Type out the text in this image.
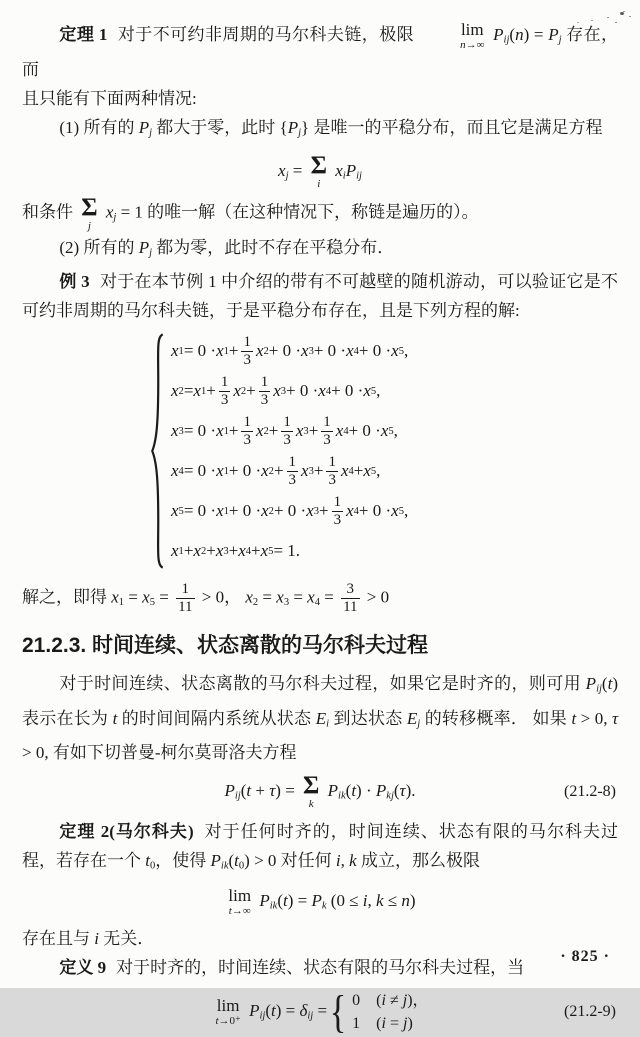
定理 1 对于不可约非周期的马尔科夫链，极限	lim
n→∞
$P_{ij}(n) = P_j$ 存在，而

且只能有下面两种情况:

(1) 所有的 $P_j$ 都大于零，此时 $\{P_j\}$ 是唯一的平稳分布，而且它是满足方程

$x_j = \Sigma$
i
$x_iP_{ij}$

和条件 Σ
j
$x_j = 1$ 的唯一解（在这种情况下，称链是遍历的）。

(2) 所有的 $P_j$ 都为零，此时不存在平稳分布．

例 3 对于在本节例 1 中介绍的带有不可越壁的随机游动，可以验证它是不可约非周期的马尔科夫链，于是平稳分布存在，且是下列方程的解:

x 1 = 0 · x 1 + 1
3 x 2 + 0 · x 3 + 0 · x 4 + 0 · x 5 ,
x 2 = x 1 + 1
3 x 2 + 1
3 x 3 + 0 · x 4 + 0 · x 5 ,
x 3 = 0 · x 1 + 1
3 x 2 + 1
3 x 3 + 1
3 x 4 + 0 · x 5 ,
x 4 = 0 · x 1 + 0 · x 2 + 1
3 x 3 + 1
3 x 4 + x 5 ,
x 5 = 0 · x 1 + 0 · x 2 + 0 · x 3 + 1
3 x 4 + 0 · x 5 ,
x 1 + x 2 + x 3 + x 4 + x 5 = 1.

解之，即得 $x_1 = x_5 = \frac{1}{11} > 0$， $x_2 = x_3 = x_4 = \frac{3}{11} > 0$

21.2.3. 时间连续、状态离散的马尔科夫过程

对于时间连续、状态离散的马尔科夫过程，如果它是时齐的，则可用 $P_{ij}(t)$ 表示在长为 t 的时间间隔内系统从状态 $E_i$ 到达状态 $E_j$ 的转移概率． 如果 t > 0, τ > 0, 有如下切普曼-柯尔莫哥洛夫方程

$P_{ij}(t + \tau) = \Sigma$
k
$P_{ik}(t) \cdot P_{kj}(\tau)$.	(21.2-8)

定理 2(马尔科夫) 对于任何时齐的，时间连续、状态有限的马尔科夫过程，若存在一个 $t_0$，使得 $P_{ik}(t_0) > 0$ 对任何 i, k 成立，那么极限

lim
t→∞
$P_{ik}(t) = P_k$ (0 ≤ i, k ≤ n)

存在且与 i 无关．

定义 9 对于时齐的，时间连续、状态有限的马尔科夫过程，当

lim
t→0⁺
$P_{ij}(t) = \delta_{ij}$ = { 0　(i ≠ j)，
1　(i = j)
(21.2-9)
· 825 ·
